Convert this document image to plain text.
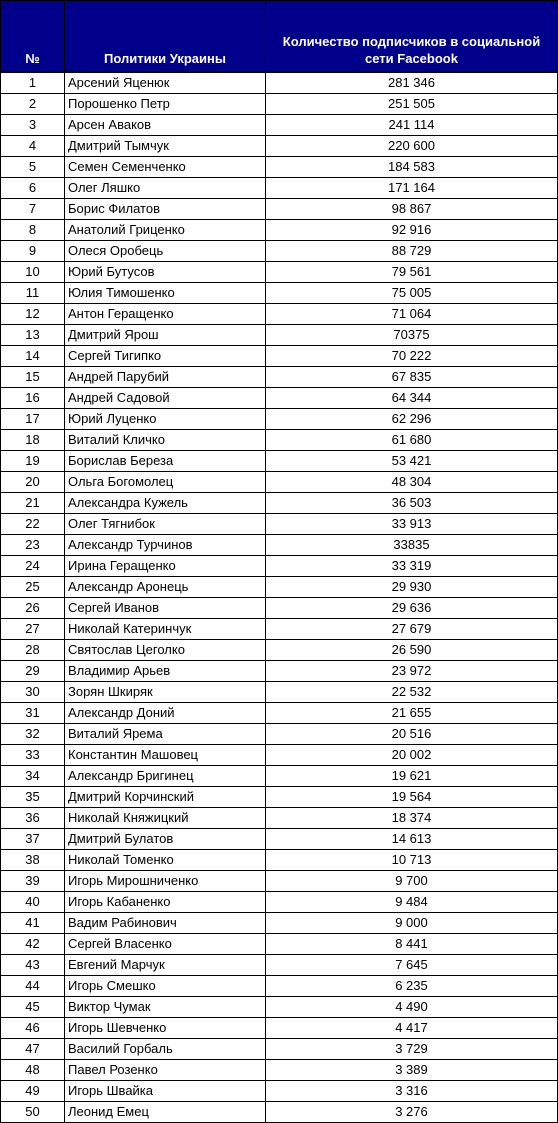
№	Политики Украины	Количество подписчиков в социальной сети Facebook
1	Арсений Яценюк	281 346
2	Порошенко Петр	251 505
3	Арсен Аваков	241 114
4	Дмитрий Тымчук	220 600
5	Семен Семенченко	184 583
6	Олег Ляшко	171 164
7	Борис Филатов	98 867
8	Анатолий Гриценко	92 916
9	Олеся Оробець	88 729
10	Юрий Бутусов	79 561
11	Юлия Тимошенко	75 005
12	Антон Геращенко	71 064
13	Дмитрий Ярош	70375
14	Сергей Тигипко	70 222
15	Андрей Парубий	67 835
16	Андрей Садовой	64 344
17	Юрий Луценко	62 296
18	Виталий Кличко	61 680
19	Борислав Береза	53 421
20	Ольга Богомолец	48 304
21	Александра Кужель	36 503
22	Олег Тягнибок	33 913
23	Александр Турчинов	33835
24	Ирина Геращенко	33 319
25	Александр Аронець	29 930
26	Сергей Иванов	29 636
27	Николай Катеринчук	27 679
28	Святослав Цеголко	26 590
29	Владимир Арьев	23 972
30	Зорян Шкиряк	22 532
31	Александр Доний	21 655
32	Виталий Ярема	20 516
33	Константин Машовец	20 002
34	Александр Бригинец	19 621
35	Дмитрий Корчинский	19 564
36	Николай Княжицкий	18 374
37	Дмитрий Булатов	14 613
38	Николай Томенко	10 713
39	Игорь Мирошниченко	9 700
40	Игорь Кабаненко	9 484
41	Вадим Рабинович	9 000
42	Сергей Власенко	8 441
43	Евгений Марчук	7 645
44	Игорь Смешко	6 235
45	Виктор Чумак	4 490
46	Игорь Шевченко	4 417
47	Василий Горбаль	3 729
48	Павел Розенко	3 389
49	Игорь Швайка	3 316
50	Леонид Емец	3 276
